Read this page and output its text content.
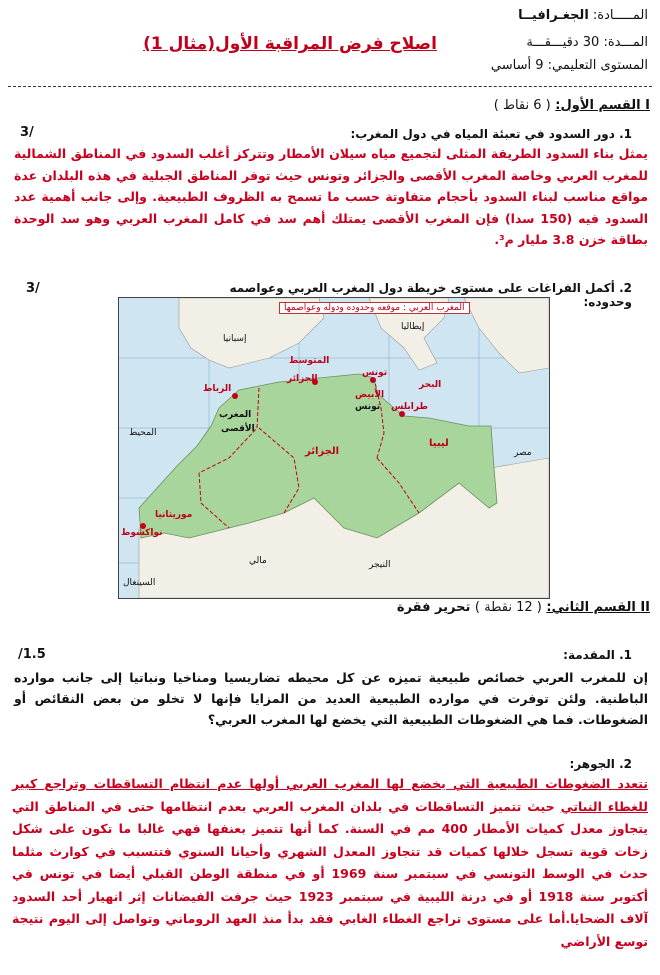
المـــــادة: الجغـرافيــا
المـــدة: 30 دقيـــقـــة
المستوى التعليمي: 9 أساسي
اصلاح فرض المراقبة الأول(مثال 1)
I القسم الأول: ( 6 نقاط )
1. دور السدود في تعبئة المياه في دول المغرب:
3/
يمثل بناء السدود الطريقة المثلى لتجميع مياه سيلان الأمطار وتتركز أغلب السدود في المناطق الشمالية للمغرب العربي وخاصة المغرب الأقصى والجزائر وتونس حيث توفر المناطق الجبلية في هذه البلدان عدة مواقع مناسب لبناء السدود بأحجام متفاوتة حسب ما تسمح به الظروف الطبيعية. وإلى جانب أهمية عدد السدود فيه (150 سدا) فإن المغرب الأقصى يمتلك أهم سد في كامل المغرب العربي وهو سد الوحدة بطاقة خزن 3.8 مليار م³.
2. أكمل الفراغات على مستوى خريطة دول المغرب العربي وعواصمه وحدوده:
3/
المغرب العربي : موقعه وحدوده ودوله وعواصمها
المتوسط
البحر
الأبيض
تونس
تونس طرابلس
الرباط
المغرب
الأقصى
الجزائر
الجزائر
ليبيا
موريتانيا
نواكشوط
المحيط
إسبانيا
إيطاليا
مصر
مالي	النيجر
السينغال
II القسم الثاني: ( 12 نقطة ) تحرير فقرة
1. المقدمة:
/1.5
إن للمغرب العربي خصائص طبيعية تميزه عن كل محيطه تضاريسيا ومناخيا ونباتيا إلى جانب موارده الباطنية. ولئن توفرت في موارده الطبيعية العديد من المزايا فإنها لا تخلو من بعض النقائص أو الضغوطات. فما هي الضغوطات الطبيعية التي يخضع لها المغرب العربي؟
2. الجوهر:
تتعدد الضغوطات الطبيعية التي يخضع لها المغرب العربي أولها عدم انتظام التساقطات وتراجع كبير للغطاء النباتي حيث تتميز التساقطات في بلدان المغرب العربي بعدم انتظامها حتى في المناطق التي يتجاوز معدل كميات الأمطار 400 مم في السنة. كما أنها تتميز بعنفها فهي غالبا ما تكون على شكل زخات قوية تسجل خلالها كميات قد تتجاوز المعدل الشهري وأحيانا السنوي فتتسبب في كوارث مثلما حدث في الوسط التونسي في سبتمبر سنة 1969 أو في منطقة الوطن القبلي أيضا في تونس في أكتوبر سنة 1918 أو في درنة الليبية في سبتمبر 1923 حيث جرفت الفيضانات إثر انهيار أحد السدود آلاف الضحايا.أما على مستوى تراجع الغطاء الغابي فقد بدأ منذ العهد الروماني وتواصل إلى اليوم نتيجة توسع الأراضي
